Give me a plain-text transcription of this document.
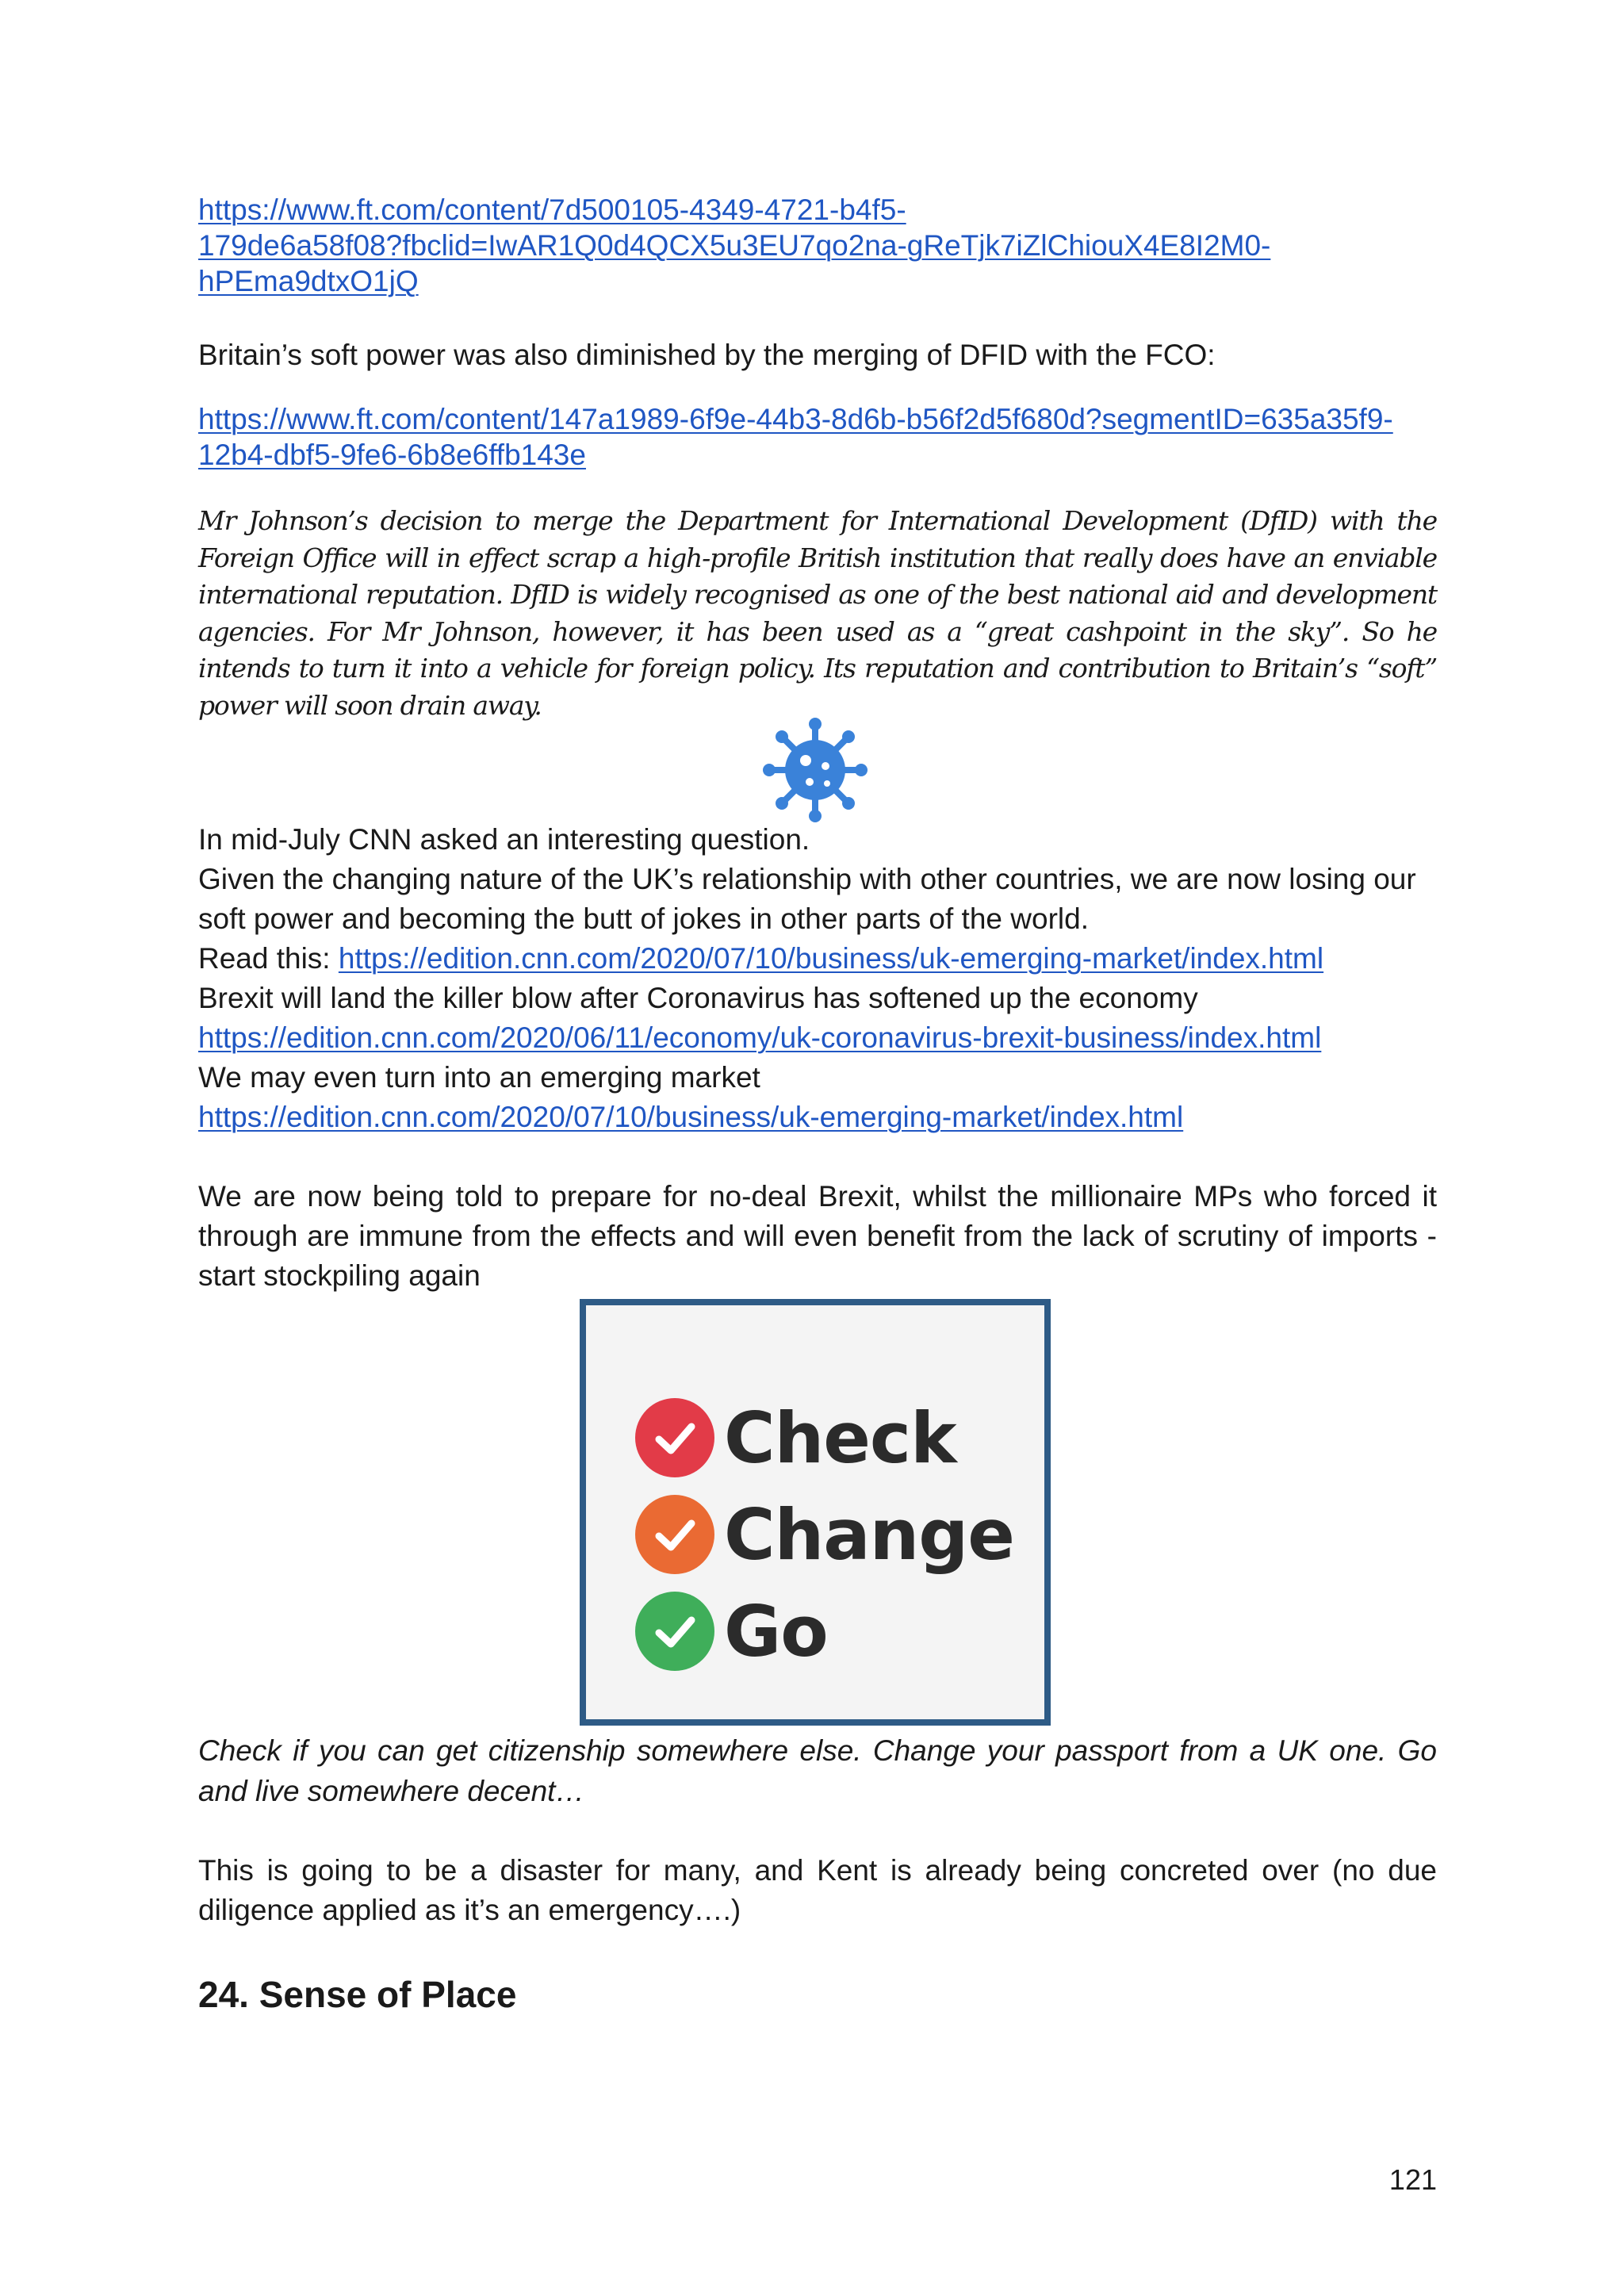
https://www.ft.com/content/7d500105-4349-4721-b4f5-
179de6a58f08?fbclid=IwAR1Q0d4QCX5u3EU7qo2na-gReTjk7iZlChiouX4E8I2M0-
hPEma9dtxO1jQ

Britain’s soft power was also diminished by the merging of DFID with the FCO:

https://www.ft.com/content/147a1989-6f9e-44b3-8d6b-b56f2d5f680d?segmentID=635a35f9-
12b4-dbf5-9fe6-6b8e6ffb143e

Mr Johnson’s decision to merge the Department for International Development (DfID) with the Foreign Office will in effect scrap a high-profile British institution that really does have an enviable international reputation. DfID is widely recognised as one of the best national aid and development agencies. For Mr Johnson, however, it has been used as a “great cashpoint in the sky”. So he intends to turn it into a vehicle for foreign policy. Its reputation and contribution to Britain’s “soft” power will soon drain away.

In mid-July CNN asked an interesting question.

Given the changing nature of the UK’s relationship with other countries, we are now losing our soft power and becoming the butt of jokes in other parts of the world.

Read this: https://edition.cnn.com/2020/07/10/business/uk-emerging-market/index.html

Brexit will land the killer blow after Coronavirus has softened up the economy

https://edition.cnn.com/2020/06/11/economy/uk-coronavirus-brexit-business/index.html

We may even turn into an emerging market

https://edition.cnn.com/2020/07/10/business/uk-emerging-market/index.html

We are now being told to prepare for no-deal Brexit, whilst the millionaire MPs who forced it through are immune from the effects and will even benefit from the lack of scrutiny of imports - start stockpiling again

Check
Change
Go

Check if you can get citizenship somewhere else. Change your passport from a UK one. Go and live somewhere decent…

This is going to be a disaster for many, and Kent is already being concreted over (no due diligence applied as it’s an emergency….)

24. Sense of Place
121
